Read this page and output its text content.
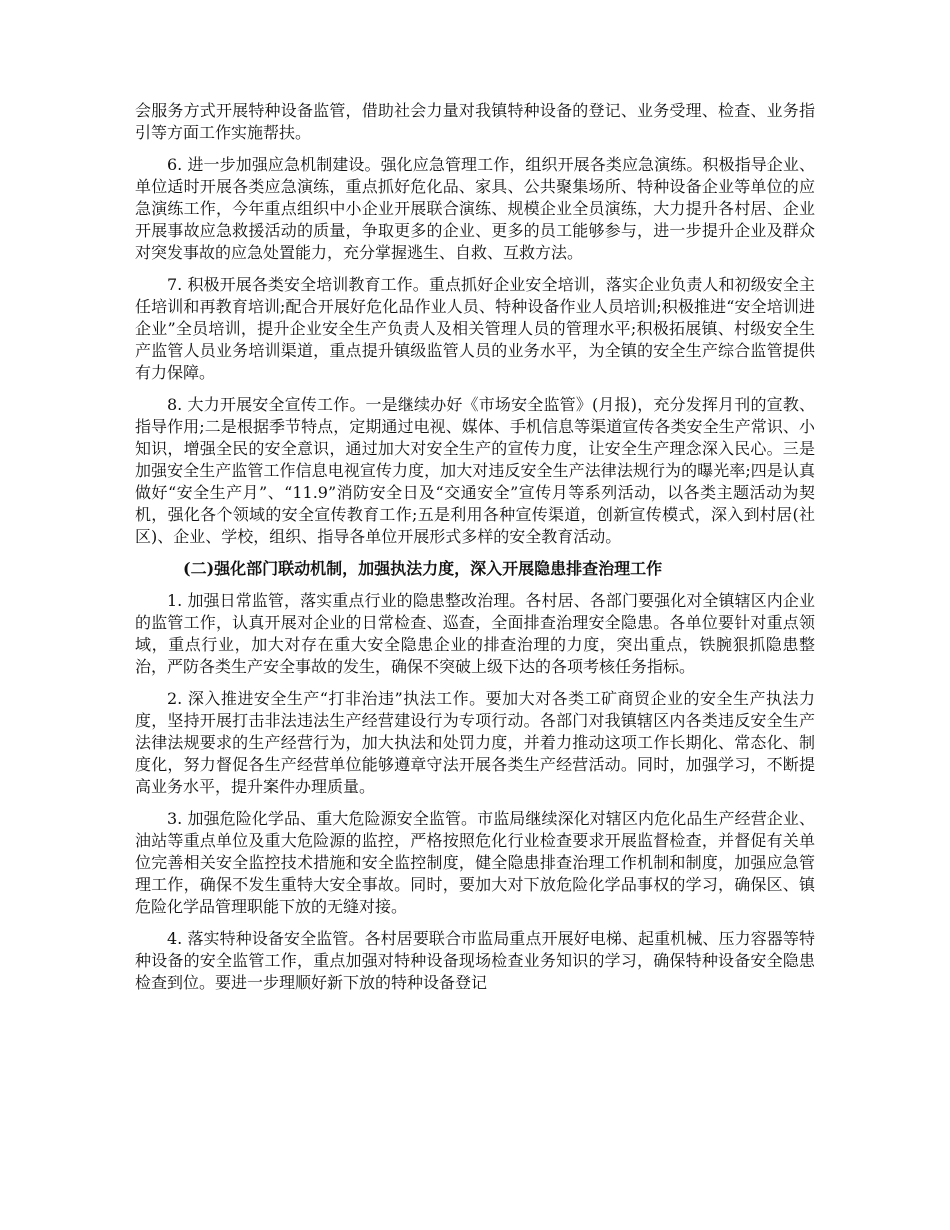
会服务方式开展特种设备监管，借助社会力量对我镇特种设备的登记、业务受理、检查、业务指引等方面工作实施帮扶。

6. 进一步加强应急机制建设。强化应急管理工作，组织开展各类应急演练。积极指导企业、单位适时开展各类应急演练，重点抓好危化品、家具、公共聚集场所、特种设备企业等单位的应急演练工作，今年重点组织中小企业开展联合演练、规模企业全员演练，大力提升各村居、企业开展事故应急救援活动的质量，争取更多的企业、更多的员工能够参与，进一步提升企业及群众对突发事故的应急处置能力，充分掌握逃生、自救、互救方法。

7. 积极开展各类安全培训教育工作。重点抓好企业安全培训，落实企业负责人和初级安全主任培训和再教育培训;配合开展好危化品作业人员、特种设备作业人员培训;积极推进“安全培训进企业”全员培训，提升企业安全生产负责人及相关管理人员的管理水平;积极拓展镇、村级安全生产监管人员业务培训渠道，重点提升镇级监管人员的业务水平，为全镇的安全生产综合监管提供有力保障。

8. 大力开展安全宣传工作。一是继续办好《市场安全监管》(月报)，充分发挥月刊的宣教、指导作用;二是根据季节特点，定期通过电视、媒体、手机信息等渠道宣传各类安全生产常识、小知识，增强全民的安全意识，通过加大对安全生产的宣传力度，让安全生产理念深入民心。三是加强安全生产监管工作信息电视宣传力度，加大对违反安全生产法律法规行为的曝光率;四是认真做好“安全生产月”、“11.9”消防安全日及“交通安全”宣传月等系列活动，以各类主题活动为契机，强化各个领域的安全宣传教育工作;五是利用各种宣传渠道，创新宣传模式，深入到村居(社区)、企业、学校，组织、指导各单位开展形式多样的安全教育活动。

(二)强化部门联动机制，加强执法力度，深入开展隐患排查治理工作

1. 加强日常监管，落实重点行业的隐患整改治理。各村居、各部门要强化对全镇辖区内企业的监管工作，认真开展对企业的日常检查、巡查，全面排查治理安全隐患。各单位要针对重点领域，重点行业，加大对存在重大安全隐患企业的排查治理的力度，突出重点，铁腕狠抓隐患整治，严防各类生产安全事故的发生，确保不突破上级下达的各项考核任务指标。

2. 深入推进安全生产“打非治违”执法工作。要加大对各类工矿商贸企业的安全生产执法力度，坚持开展打击非法违法生产经营建设行为专项行动。各部门对我镇辖区内各类违反安全生产法律法规要求的生产经营行为，加大执法和处罚力度，并着力推动这项工作长期化、常态化、制度化，努力督促各生产经营单位能够遵章守法开展各类生产经营活动。同时，加强学习，不断提高业务水平，提升案件办理质量。

3. 加强危险化学品、重大危险源安全监管。市监局继续深化对辖区内危化品生产经营企业、油站等重点单位及重大危险源的监控，严格按照危化行业检查要求开展监督检查，并督促有关单位完善相关安全监控技术措施和安全监控制度，健全隐患排查治理工作机制和制度，加强应急管理工作，确保不发生重特大安全事故。同时，要加大对下放危险化学品事权的学习，确保区、镇危险化学品管理职能下放的无缝对接。

4. 落实特种设备安全监管。各村居要联合市监局重点开展好电梯、起重机械、压力容器等特种设备的安全监管工作，重点加强对特种设备现场检查业务知识的学习，确保特种设备安全隐患检查到位。要进一步理顺好新下放的特种设备登记
